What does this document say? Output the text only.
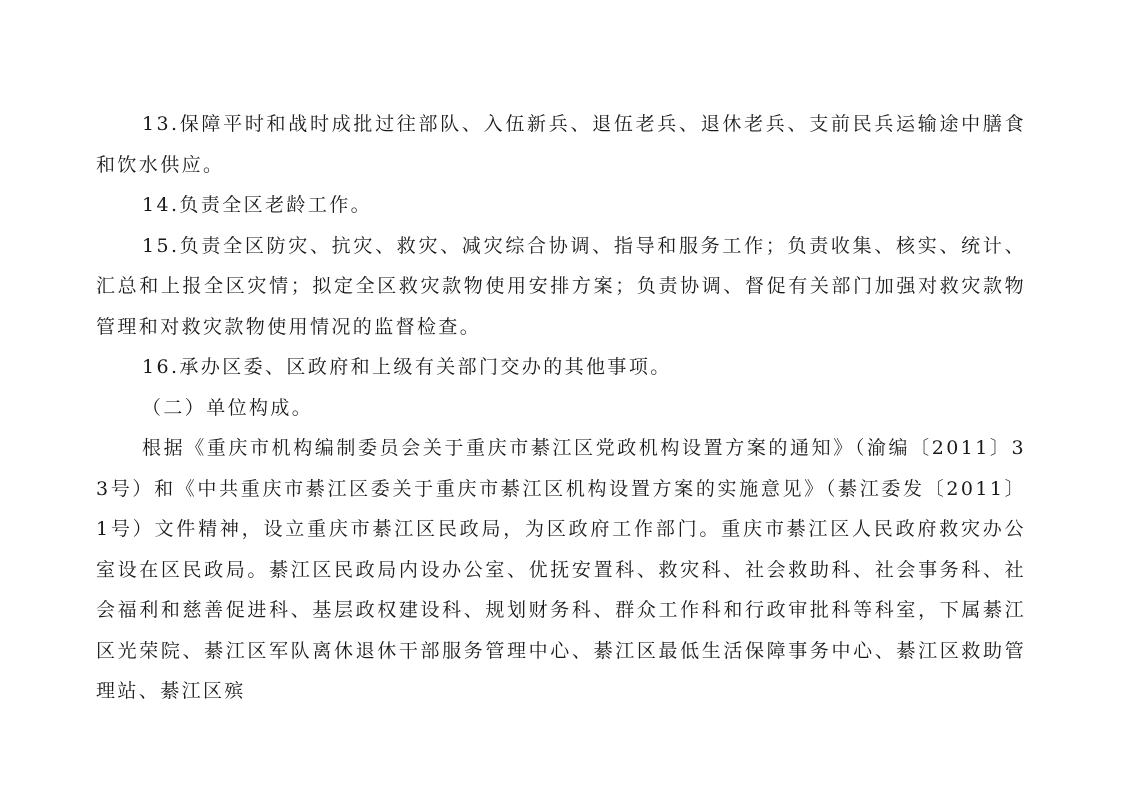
13.保障平时和战时成批过往部队、入伍新兵、退伍老兵、退休老兵、支前民兵运输途中膳食和饮水供应。

14.负责全区老龄工作。

15.负责全区防灾、抗灾、救灾、减灾综合协调、指导和服务工作；负责收集、核实、统计、汇总和上报全区灾情；拟定全区救灾款物使用安排方案；负责协调、督促有关部门加强对救灾款物管理和对救灾款物使用情况的监督检查。

16.承办区委、区政府和上级有关部门交办的其他事项。

（二）单位构成。

根据《重庆市机构编制委员会关于重庆市綦江区党政机构设置方案的通知》（渝编〔2011〕33号）和《中共重庆市綦江区委关于重庆市綦江区机构设置方案的实施意见》（綦江委发〔2011〕1号）文件精神，设立重庆市綦江区民政局，为区政府工作部门。重庆市綦江区人民政府救灾办公室设在区民政局。綦江区民政局内设办公室、优抚安置科、救灾科、社会救助科、社会事务科、社会福利和慈善促进科、基层政权建设科、规划财务科、群众工作科和行政审批科等科室，下属綦江区光荣院、綦江区军队离休退休干部服务管理中心、綦江区最低生活保障事务中心、綦江区救助管理站、綦江区殡
